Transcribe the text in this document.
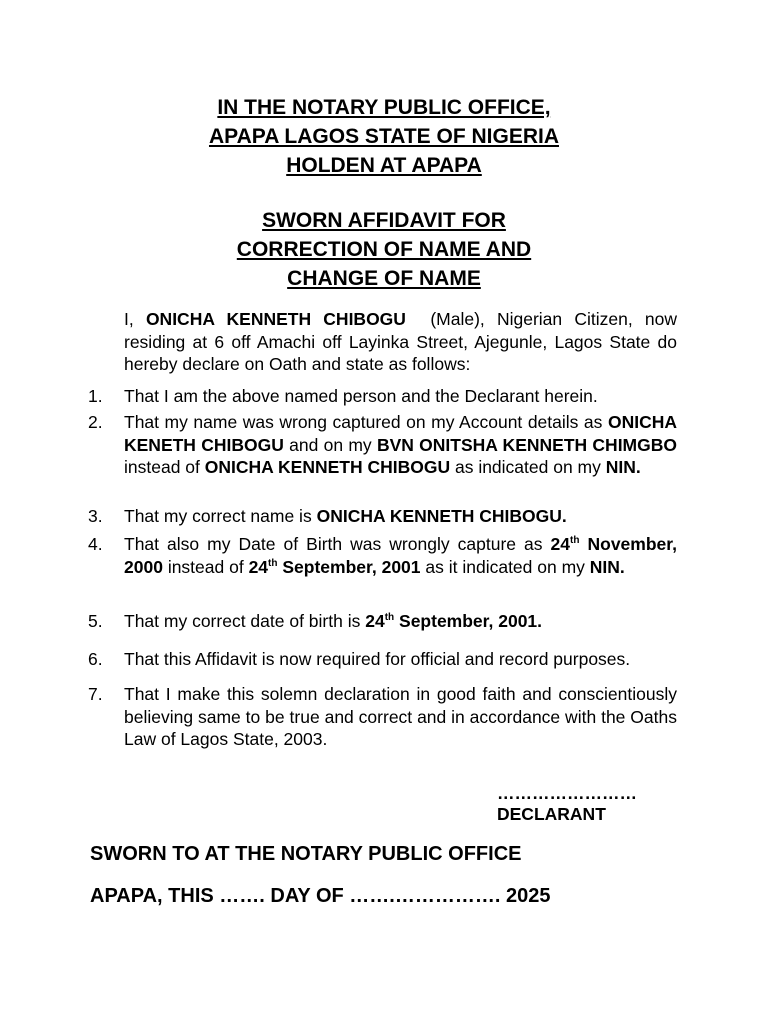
IN THE NOTARY PUBLIC OFFICE,
APAPA LAGOS STATE OF NIGERIA
HOLDEN AT APAPA
SWORN AFFIDAVIT FOR
CORRECTION OF NAME AND
CHANGE OF NAME
I, ONICHA KENNETH CHIBOGU (Male), Nigerian Citizen, now residing at 6 off Amachi off Layinka Street, Ajegunle, Lagos State do hereby declare on Oath and state as follows:
1.	That I am the above named person and the Declarant herein.
2.	That my name was wrong captured on my Account details as ONICHA KENETH CHIBOGU and on my BVN ONITSHA KENNETH CHIMGBO instead of ONICHA KENNETH CHIBOGU as indicated on my NIN.
3.	That my correct name is ONICHA KENNETH CHIBOGU.
4.	That also my Date of Birth was wrongly capture as 24th November, 2000 instead of 24th September, 2001 as it indicated on my NIN.
5.	That my correct date of birth is 24th September, 2001.
6.	That this Affidavit is now required for official and record purposes.
7.	That I make this solemn declaration in good faith and conscientiously believing same to be true and correct and in accordance with the Oaths Law of Lagos State, 2003.
……………………
DECLARANT
SWORN TO AT THE NOTARY PUBLIC OFFICE
APAPA, THIS ……. DAY OF …….……………. 2025
